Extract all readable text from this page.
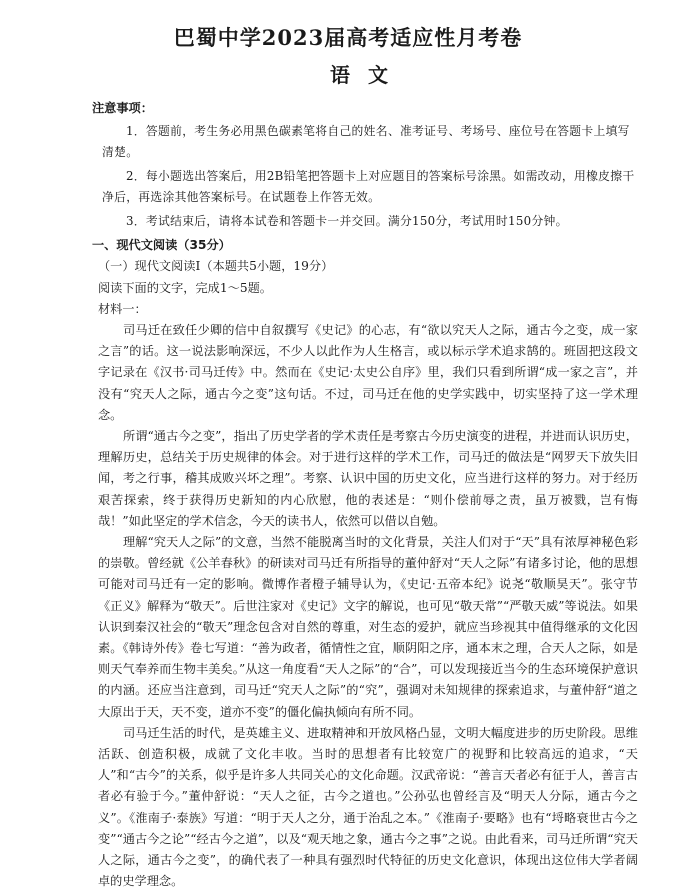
巴蜀中学2023届高考适应性月考卷
语文
注意事项：
1．答题前，考生务必用黑色碳素笔将自己的姓名、准考证号、考场号、座位号在答题卡上填写清楚。
2．每小题选出答案后，用2B铅笔把答题卡上对应题目的答案标号涂黑。如需改动，用橡皮擦干净后，再选涂其他答案标号。在试题卷上作答无效。
3．考试结束后，请将本试卷和答题卡一并交回。满分150分，考试用时150分钟。
一、现代文阅读（35分）
（一）现代文阅读Ⅰ（本题共5小题，19分）
阅读下面的文字，完成1～5题。
材料一：

司马迁在致任少卿的信中自叙撰写《史记》的心志，有“欲以究天人之际，通古今之变，成一家之言”的话。这一说法影响深远，不少人以此作为人生格言，或以标示学术追求鹄的。班固把这段文字记录在《汉书·司马迁传》中。然而在《史记·太史公自序》里，我们只看到所谓“成一家之言”，并没有“究天人之际，通古今之变”这句话。不过，司马迁在他的史学实践中，切实坚持了这一学术理念。

所谓“通古今之变”，指出了历史学者的学术责任是考察古今历史演变的进程，并进而认识历史，理解历史，总结关于历史规律的体会。对于进行这样的学术工作，司马迁的做法是“网罗天下放失旧闻，考之行事，稽其成败兴坏之理”。考察、认识中国的历史文化，应当进行这样的努力。对于经历艰苦探索，终于获得历史新知的内心欣慰，他的表述是：“则仆偿前辱之责，虽万被戮，岂有悔哉！”如此坚定的学术信念，今天的读书人，依然可以借以自勉。

理解“究天人之际”的文意，当然不能脱离当时的文化背景，关注人们对于“天”具有浓厚神秘色彩的崇敬。曾经就《公羊春秋》的研读对司马迁有所指导的董仲舒对“天人之际”有诸多讨论，他的思想可能对司马迁有一定的影响。微博作者橙子辅导认为，《史记·五帝本纪》说尧“敬顺昊天”。张守节《正义》解释为“敬天”。后世注家对《史记》文字的解说，也可见“敬天常”“严敬天威”等说法。如果认识到秦汉社会的“敬天”理念包含对自然的尊重，对生态的爱护，就应当珍视其中值得继承的文化因素。《韩诗外传》卷七写道：“善为政者，循情性之宜，顺阴阳之序，通本末之理，合天人之际，如是则天气奉养而生物丰美矣。”从这一角度看“天人之际”的“合”，可以发现接近当今的生态环境保护意识的内涵。还应当注意到，司马迁“究天人之际”的“究”，强调对未知规律的探索追求，与董仲舒“道之大原出于天，天不变，道亦不变”的僵化偏执倾向有所不同。

司马迁生活的时代，是英雄主义、进取精神和开放风格凸显，文明大幅度进步的历史阶段。思维活跃、创造积极，成就了文化丰收。当时的思想者有比较宽广的视野和比较高远的追求，“天人”和“古今”的关系，似乎是许多人共同关心的文化命题。汉武帝说：“善言天者必有征于人，善言古者必有验于今。”董仲舒说：“天人之征，古今之道也。”公孙弘也曾经言及“明天人分际，通古今之义”。《淮南子·泰族》写道：“明于天人之分，通于治乱之本。”《淮南子·要略》也有“埒略衰世古今之变”“通古今之论”“经古今之道”，以及“观天地之象，通古今之事”之说。由此看来，司马迁所谓“究天人之际，通古今之变”，的确代表了一种具有强烈时代特征的历史文化意识，体现出这位伟大学者阔卓的史学理念。
